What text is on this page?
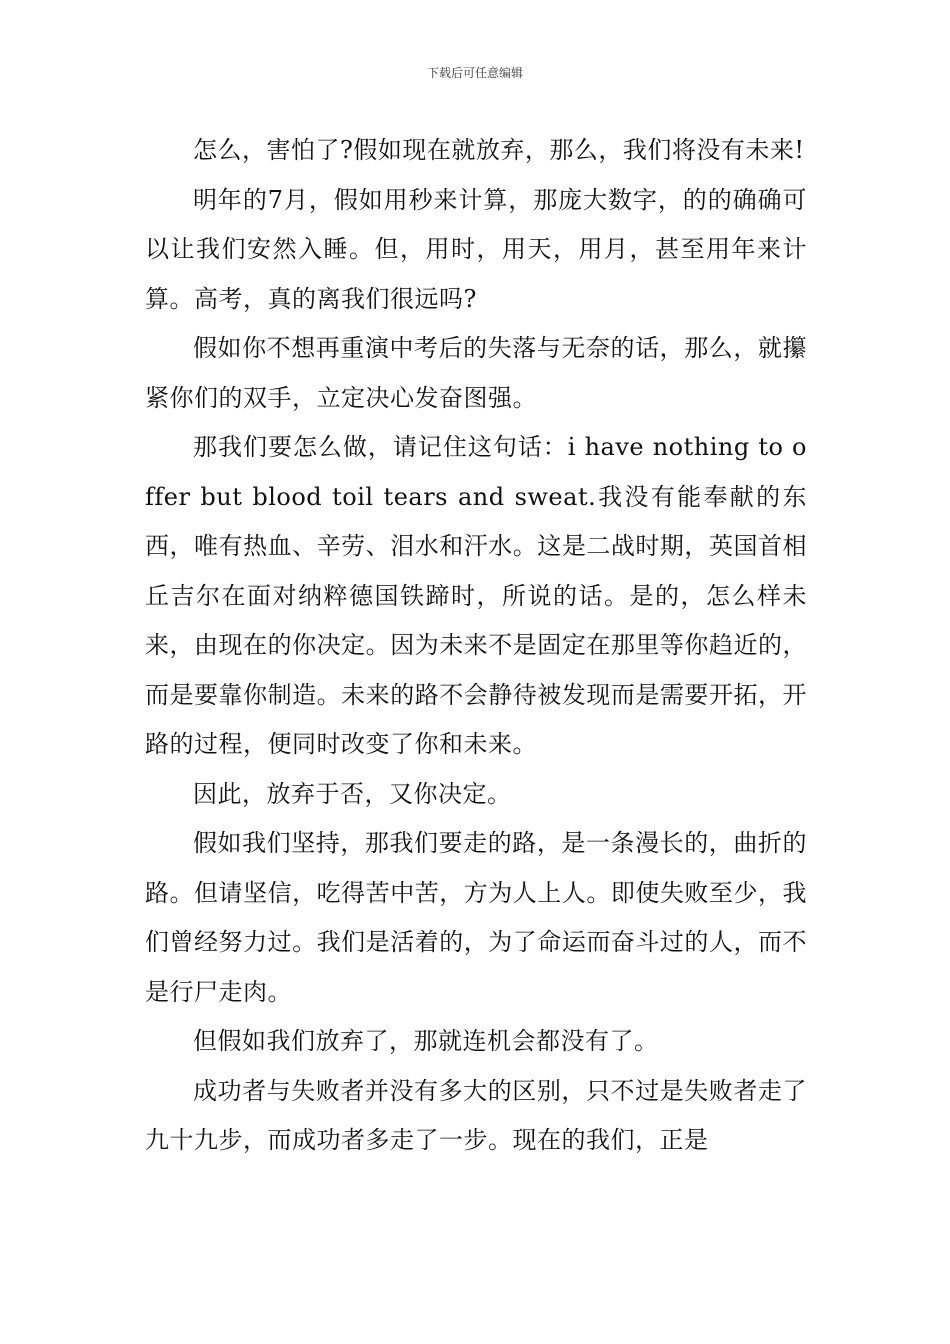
下载后可任意编辑

怎么，害怕了?假如现在就放弃，那么，我们将没有未来!

明年的7月，假如用秒来计算，那庞大数字，的的确确可以让我们安然入睡。但，用时，用天，用月，甚至用年来计算。高考，真的离我们很远吗?

假如你不想再重演中考后的失落与无奈的话，那么，就攥紧你们的双手，立定决心发奋图强。

那我们要怎么做，请记住这句话：i have nothing to offer but blood toil tears and sweat.我没有能奉献的东西，唯有热血、辛劳、泪水和汗水。这是二战时期，英国首相丘吉尔在面对纳粹德国铁蹄时，所说的话。是的，怎么样未来，由现在的你决定。因为未来不是固定在那里等你趋近的，而是要靠你制造。未来的路不会静待被发现而是需要开拓，开路的过程，便同时改变了你和未来。

因此，放弃于否，又你决定。

假如我们坚持，那我们要走的路，是一条漫长的，曲折的路。但请坚信，吃得苦中苦，方为人上人。即使失败至少，我们曾经努力过。我们是活着的，为了命运而奋斗过的人，而不是行尸走肉。

但假如我们放弃了，那就连机会都没有了。

成功者与失败者并没有多大的区别，只不过是失败者走了九十九步，而成功者多走了一步。现在的我们，正是
